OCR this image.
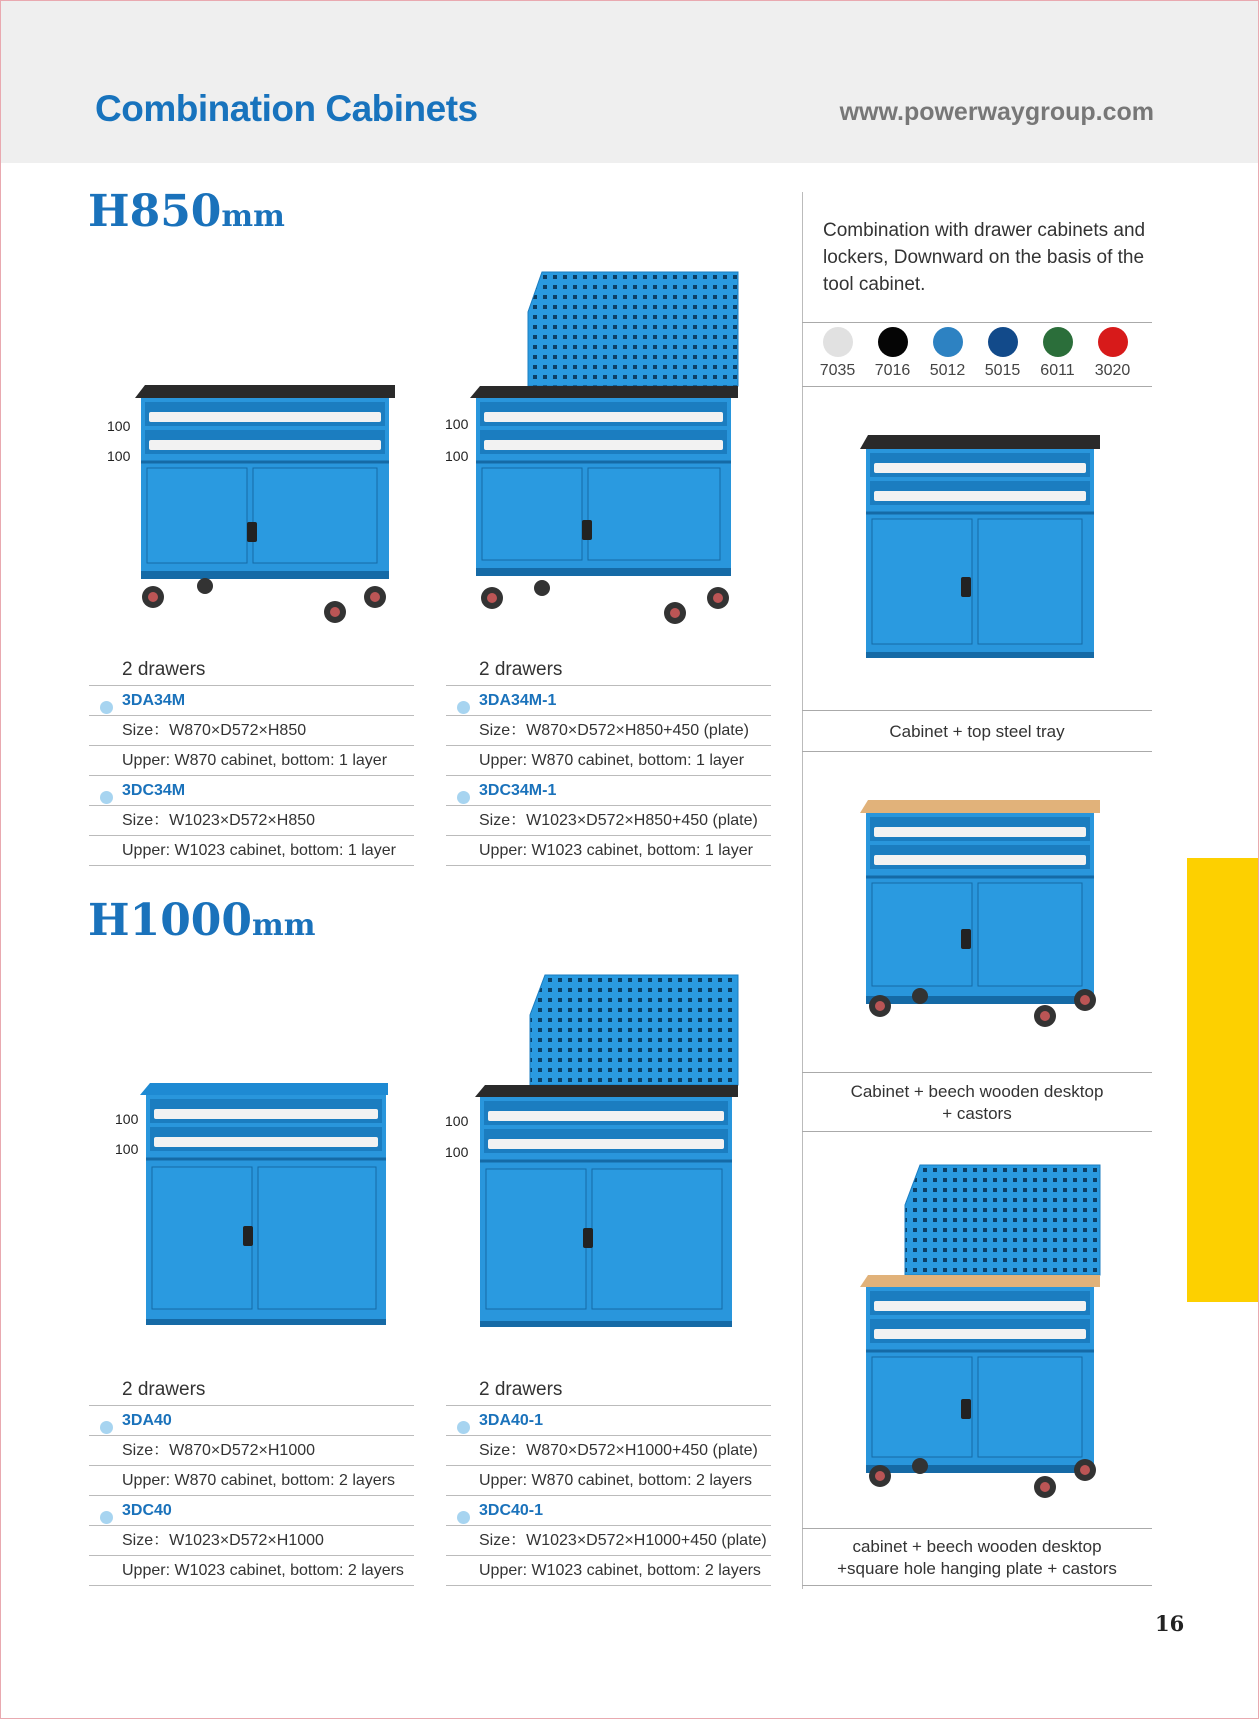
Combination Cabinets	www.powerwaygroup.com
H850mm
H1000mm
Combination with drawer cabinets and lockers, Downward on the basis of the tool cabinet.
7035	7016	5012	5015	6011	3020
Cabinet + top steel tray
Cabinet + beech wooden desktop
+ castors
cabinet + beech wooden desktop
+square hole hanging plate + castors
100
100
100
100
100
100
100
100
2 drawers
3DA34M
Size：W870×D572×H850
Upper: W870 cabinet, bottom: 1 layer
3DC34M
Size：W1023×D572×H850
Upper: W1023 cabinet, bottom: 1 layer
2 drawers
3DA34M-1
Size：W870×D572×H850+450 (plate)
Upper: W870 cabinet, bottom: 1 layer
3DC34M-1
Size：W1023×D572×H850+450 (plate)
Upper: W1023 cabinet, bottom: 1 layer
2 drawers
3DA40
Size：W870×D572×H1000
Upper: W870 cabinet, bottom: 2 layers
3DC40
Size：W1023×D572×H1000
Upper: W1023 cabinet, bottom: 2 layers
2 drawers
3DA40-1
Size：W870×D572×H1000+450 (plate)
Upper: W870 cabinet, bottom: 2 layers
3DC40-1
Size：W1023×D572×H1000+450 (plate)
Upper: W1023 cabinet, bottom: 2 layers
16
